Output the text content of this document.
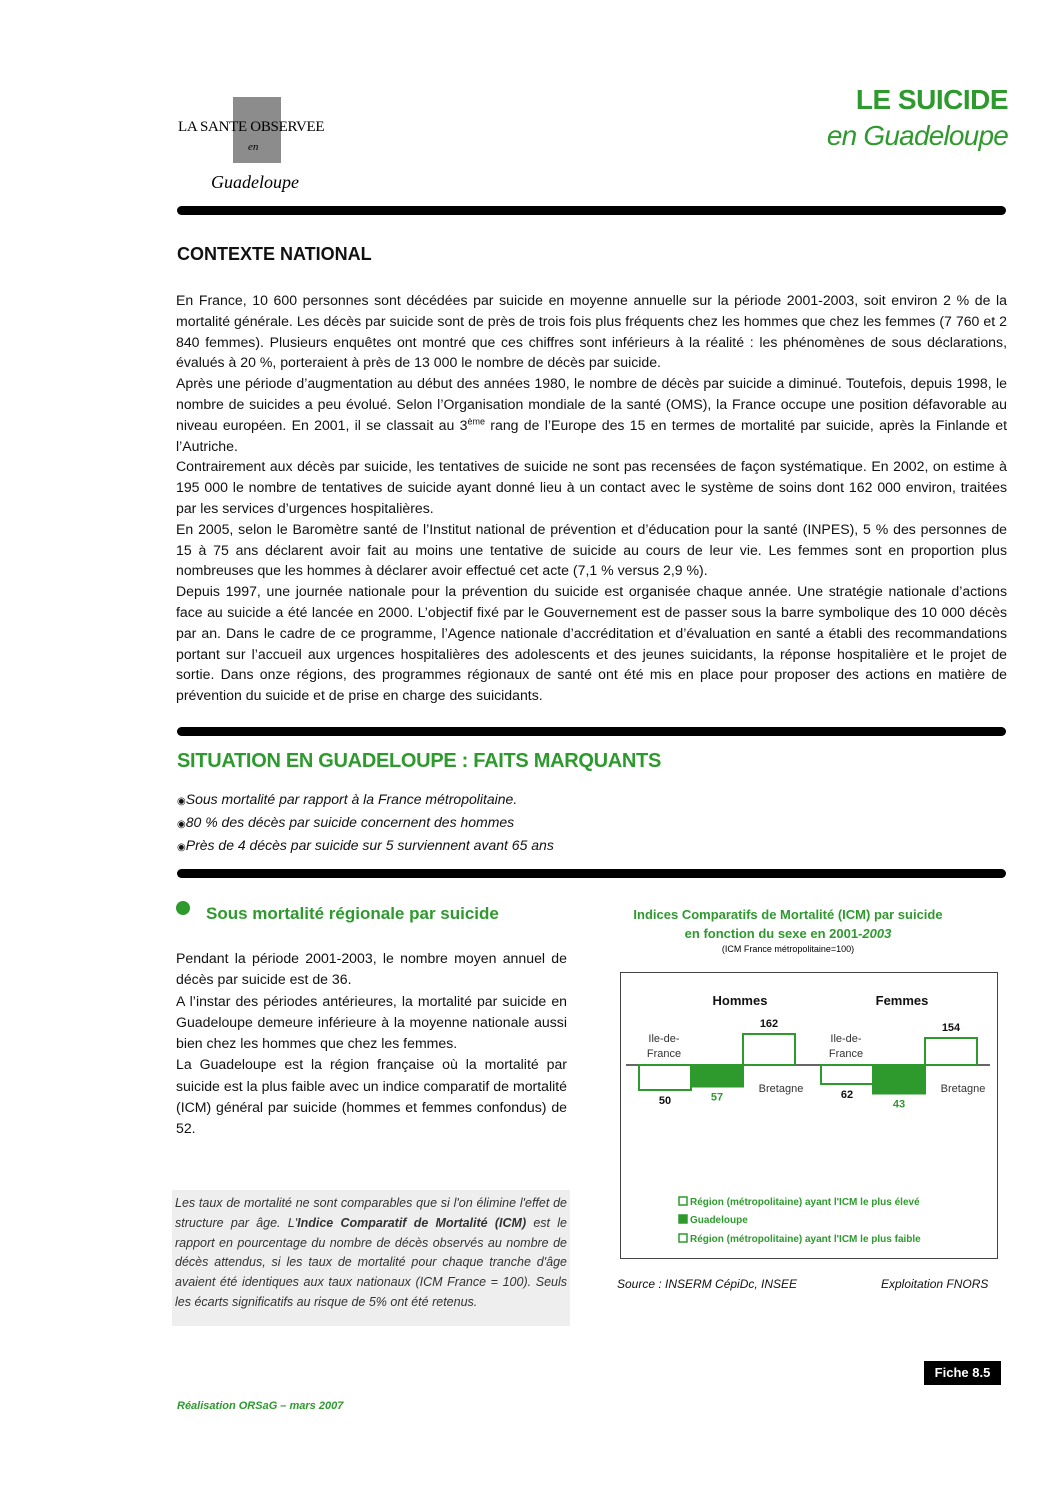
LA SANTE OBSERVEE
en
Guadeloupe
LE SUICIDE
en Guadeloupe
CONTEXTE NATIONAL

En France, 10 600 personnes sont décédées par suicide en moyenne annuelle sur la période 2001-2003, soit environ 2 % de la mortalité générale. Les décès par suicide sont de près de trois fois plus fréquents chez les hommes que chez les femmes (7 760 et 2 840 femmes). Plusieurs enquêtes ont montré que ces chiffres sont inférieurs à la réalité : les phénomènes de sous déclarations, évalués à 20 %, porteraient à près de 13 000 le nombre de décès par suicide.

Après une période d’augmentation au début des années 1980, le nombre de décès par suicide a diminué. Toutefois, depuis 1998, le nombre de suicides a peu évolué. Selon l’Organisation mondiale de la santé (OMS), la France occupe une position défavorable au niveau européen. En 2001, il se classait au 3ème rang de l’Europe des 15 en termes de mortalité par suicide, après la Finlande et l’Autriche.

Contrairement aux décès par suicide, les tentatives de suicide ne sont pas recensées de façon systématique. En 2002, on estime à 195 000 le nombre de tentatives de suicide ayant donné lieu à un contact avec le système de soins dont 162 000 environ, traitées par les services d’urgences hospitalières.

En 2005, selon le Baromètre santé de l’Institut national de prévention et d’éducation pour la santé (INPES), 5 % des personnes de 15 à 75 ans déclarent avoir fait au moins une tentative de suicide au cours de leur vie. Les femmes sont en proportion plus nombreuses que les hommes à déclarer avoir effectué cet acte (7,1 % versus 2,9 %).

Depuis 1997, une journée nationale pour la prévention du suicide est organisée chaque année. Une stratégie nationale d’actions face au suicide a été lancée en 2000. L’objectif fixé par le Gouvernement est de passer sous la barre symbolique des 10 000 décès par an. Dans le cadre de ce programme, l’Agence nationale d’accréditation et d’évaluation en santé a établi des recommandations portant sur l’accueil aux urgences hospitalières des adolescents et des jeunes suicidants, la réponse hospitalière et le projet de sortie. Dans onze régions, des programmes régionaux de santé ont été mis en place pour proposer des actions en matière de prévention du suicide et de prise en charge des suicidants.

SITUATION EN GUADELOUPE : FAITS MARQUANTS
◉ Sous mortalité par rapport à la France métropolitaine.
◉ 80 % des décès par suicide concernent des hommes
◉ Près de 4 décès par suicide sur 5 surviennent avant 65 ans
Sous mortalité régionale par suicide

Pendant la période 2001-2003, le nombre moyen annuel de décès par suicide est de 36.

A l’instar des périodes antérieures, la mortalité par suicide en Guadeloupe demeure inférieure à la moyenne nationale aussi bien chez les hommes que chez les femmes.

La Guadeloupe est la région française où la mortalité par suicide est la plus faible avec un indice comparatif de mortalité (ICM) général par suicide (hommes et femmes confondus) de 52.

Les taux de mortalité ne sont comparables que si l'on élimine l'effet de structure par âge. L'Indice Comparatif de Mortalité (ICM) est le rapport en pourcentage du nombre de décès observés au nombre de décès attendus, si les taux de mortalité pour chaque tranche d'âge avaient été identiques aux taux nationaux (ICM France = 100). Seuls les écarts significatifs au risque de 5% ont été retenus.
Indices Comparatifs de Mortalité (ICM) par suicide
en fonction du sexe en 2001-2003
(ICM France métropolitaine=100)
Hommes
50
Ile-de-
France
57
162
Bretagne
Femmes
62
Ile-de-
France
43
154
Bretagne
Région (métropolitaine) ayant l'ICM le plus élevé
Guadeloupe
Région (métropolitaine) ayant l'ICM le plus faible
Source : INSERM CépiDc, INSEE	Exploitation FNORS
Réalisation ORSaG – mars 2007
Fiche 8.5
